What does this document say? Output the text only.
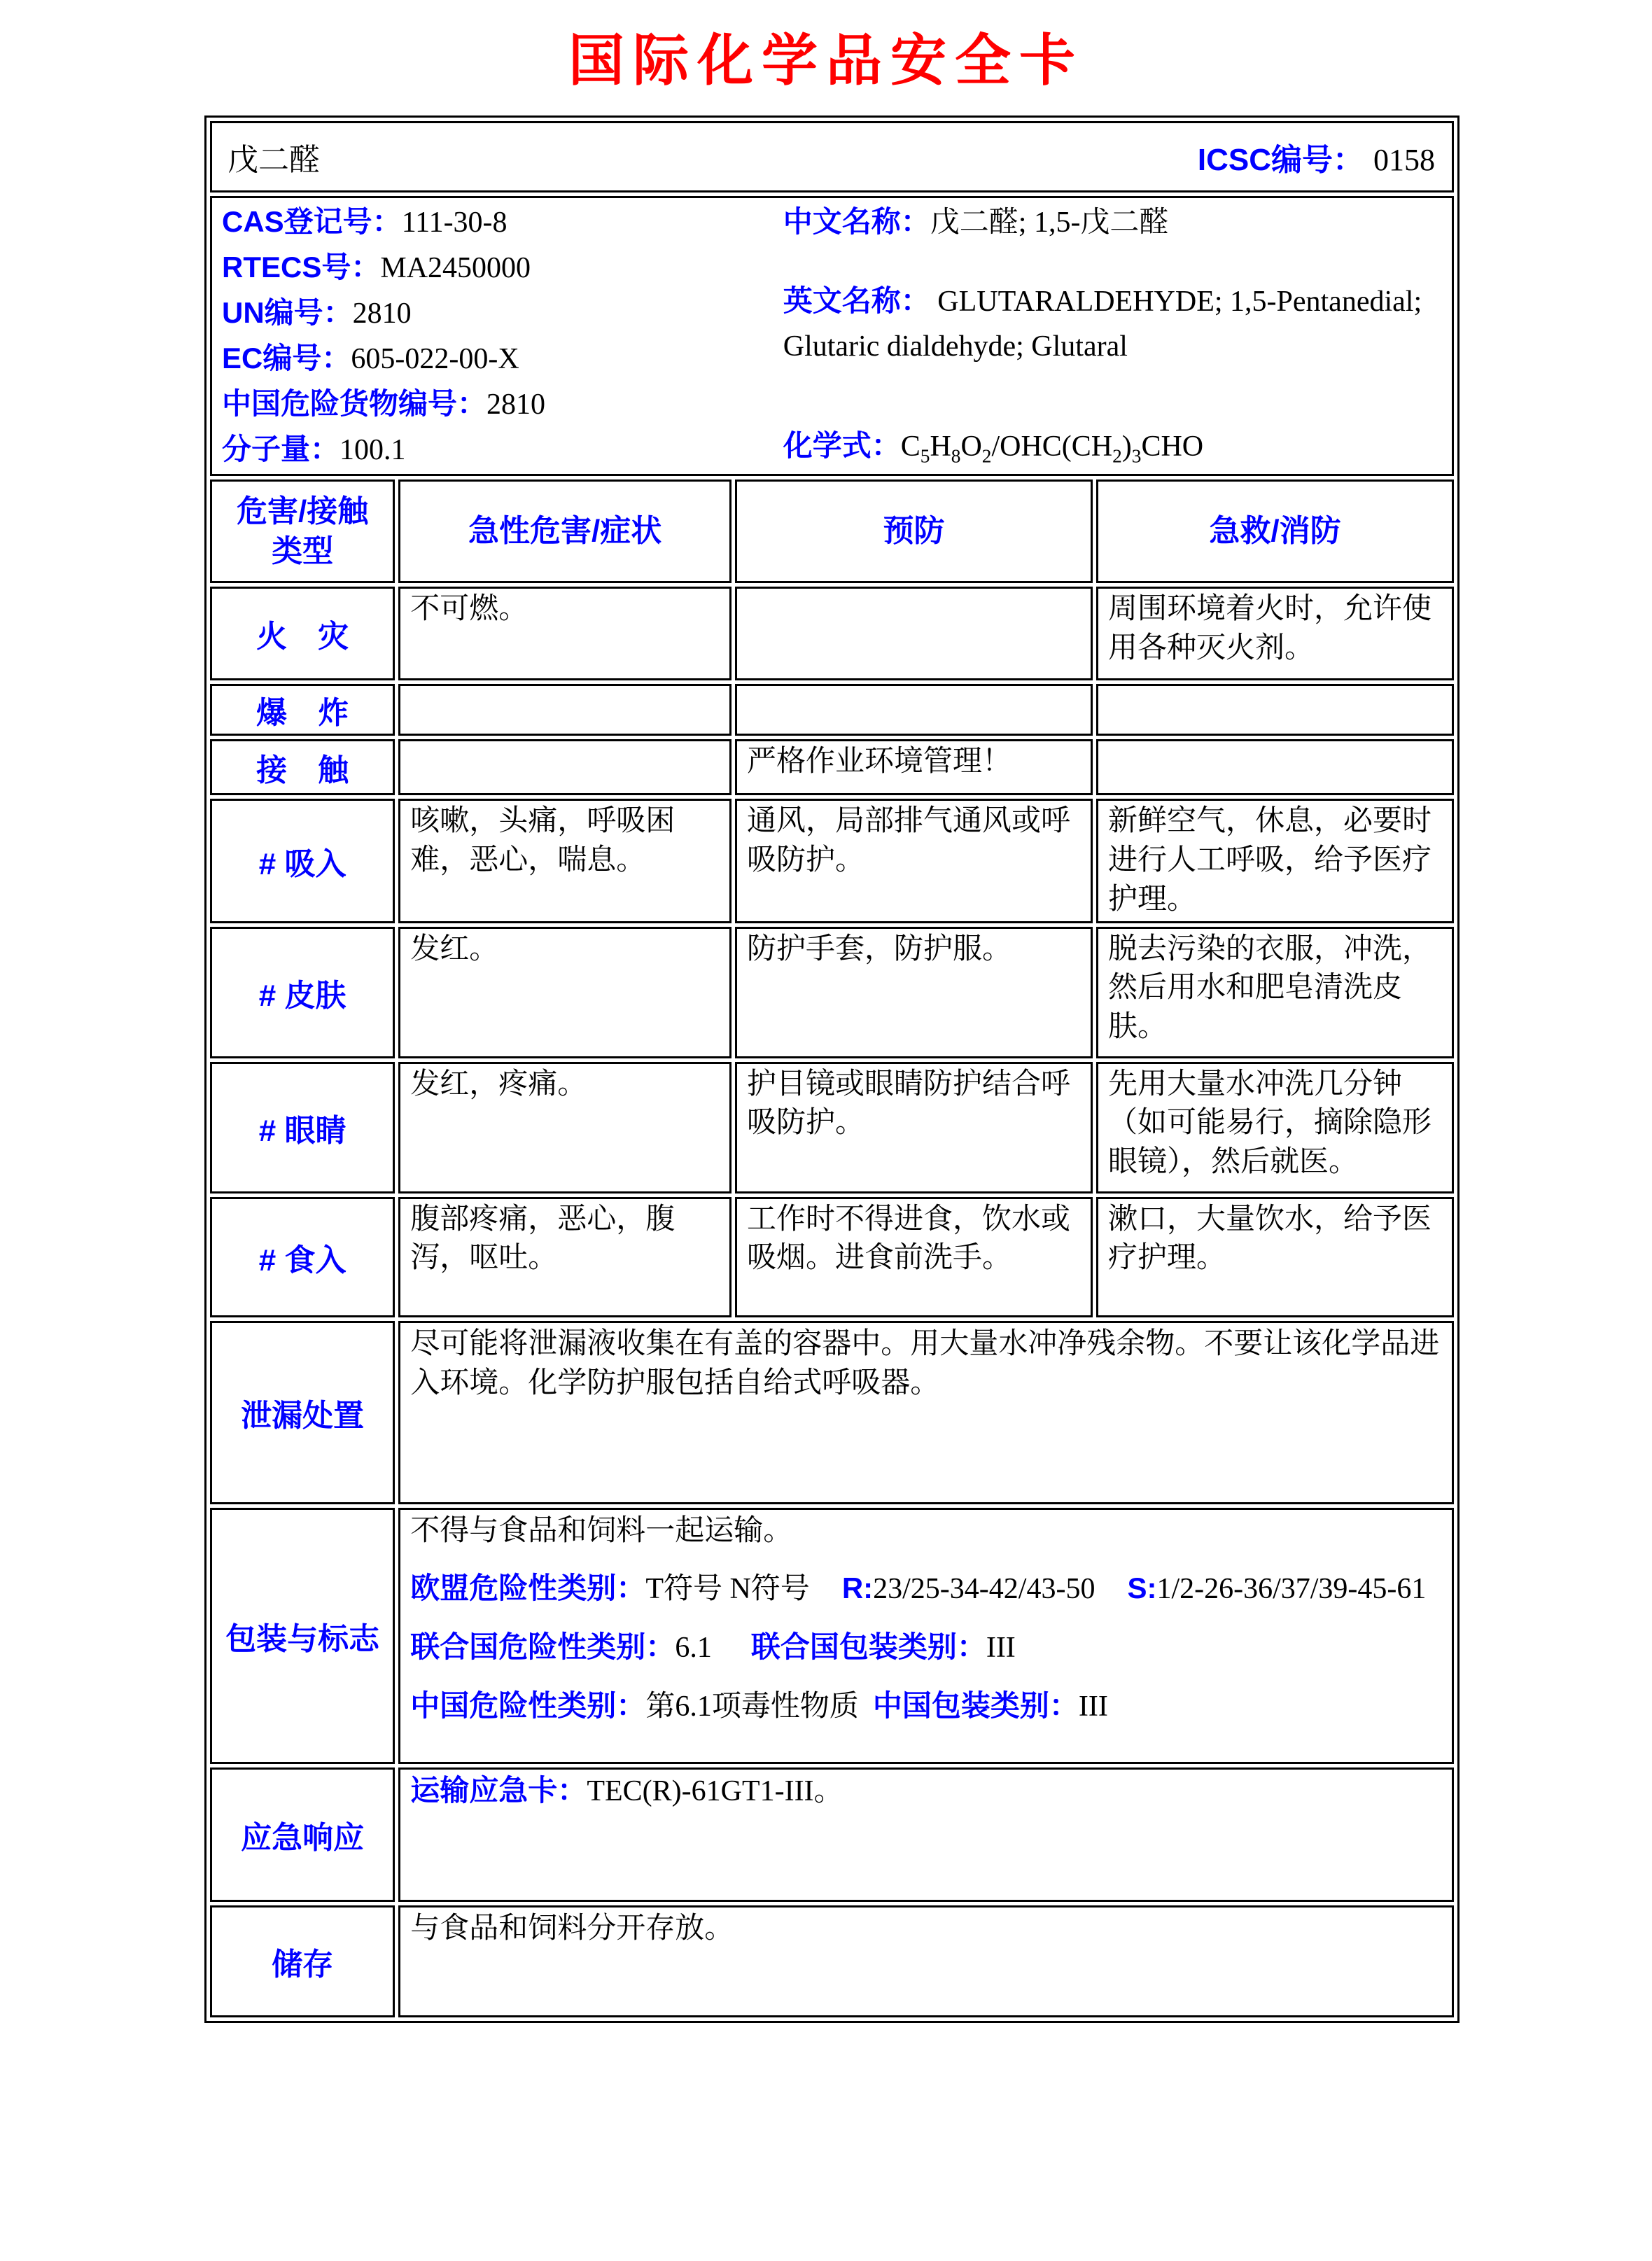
国际化学品安全卡
戊二醛 ICSC编号： 0158			

CAS登记号：111-30-8
RTECS号：MA2450000
UN编号：2810
EC编号：605-022-00-X
中国危险货物编号：2810
分子量：100.1
中文名称：戊二醛; 1,5-戊二醛
英文名称： GLUTARALDEHYDE; 1,5-Pentanedial; Glutaric dialdehyde; Glutaral
化学式：$C_5H_8O_2/OHC(CH_2)_3CHO$

危害/接触
类型	急性危害/症状	预防	急救/消防
火　灾	不可燃。		周围环境着火时，允许使用各种灭火剂。
爆　炸			
接　触		严格作业环境管理！	
# 吸入	咳嗽，头痛，呼吸困难，恶心，喘息。	通风，局部排气通风或呼吸防护。	新鲜空气，休息，必要时进行人工呼吸，给予医疗护理。
# 皮肤	发红。	防护手套，防护服。	脱去污染的衣服，冲洗，然后用水和肥皂清洗皮肤。
# 眼睛	发红，疼痛。	护目镜或眼睛防护结合呼吸防护。	先用大量水冲洗几分钟（如可能易行，摘除隐形眼镜），然后就医。
# 食入	腹部疼痛，恶心，腹泻，呕吐。	工作时不得进食，饮水或吸烟。进食前洗手。	漱口，大量饮水，给予医疗护理。
泄漏处置	尽可能将泄漏液收集在有盖的容器中。用大量水冲净残余物。不要让该化学品进入环境。化学防护服包括自给式呼吸器。		

包装与标志	不得与食品和饲料一起运输。
欧盟危险性类别：T符号 N符号 R:23/25-34-42/43-50 S:1/2-26-36/37/39-45-61
联合国危险性类别：6.1 联合国包装类别：III
中国危险性类别：第6.1项毒性物质 中国包装类别：III		

应急响应	运输应急卡：TEC(R)-61GT1-III。		

储存	与食品和饲料分开存放。		
